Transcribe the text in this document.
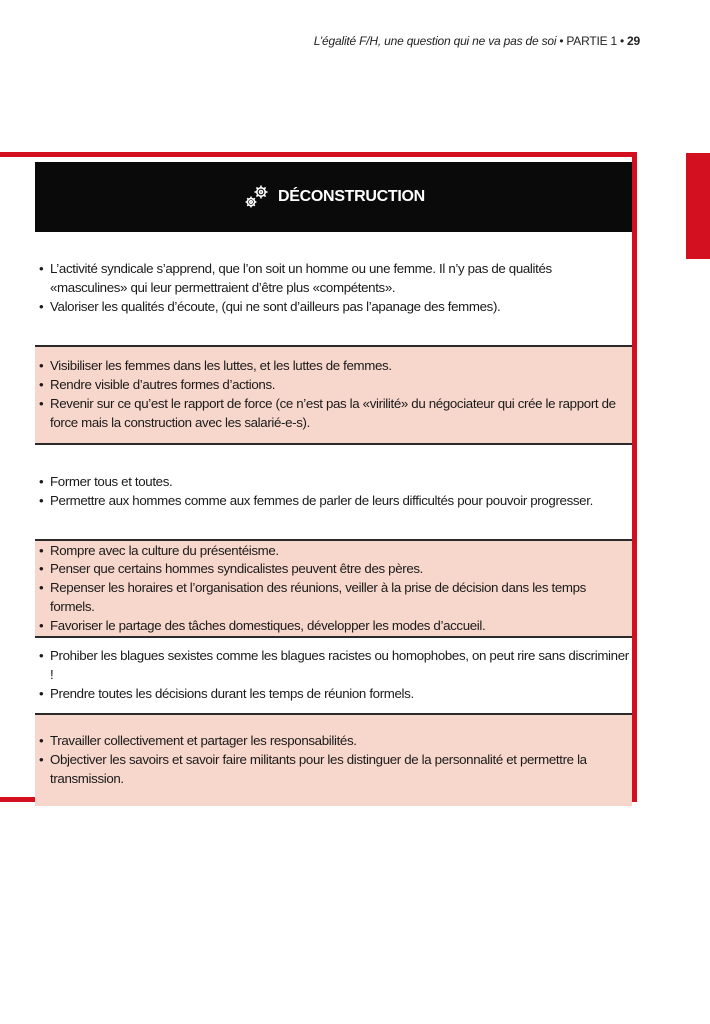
L’égalité F/H, une question qui ne va pas de soi • PARTIE 1 • 29
DÉCONSTRUCTION
• L’activité syndicale s’apprend, que l’on soit un homme ou une femme. Il n’y pas de qualités «masculines» qui leur permettraient d’être plus «compétents».
• Valoriser les qualités d’écoute, (qui ne sont d’ailleurs pas l’apanage des femmes).
• Visibiliser les femmes dans les luttes, et les luttes de femmes.
• Rendre visible d’autres formes d’actions.
• Revenir sur ce qu’est le rapport de force (ce n’est pas la «virilité» du négociateur qui crée le rapport de force mais la construction avec les salarié-e-s).
• Former tous et toutes.
• Permettre aux hommes comme aux femmes de parler de leurs difficultés pour pouvoir progresser.
• Rompre avec la culture du présentéisme.
• Penser que certains hommes syndicalistes peuvent être des pères.
• Repenser les horaires et l’organisation des réunions, veiller à la prise de décision dans les temps formels.
• Favoriser le partage des tâches domestiques, développer les modes d’accueil.
• Prohiber les blagues sexistes comme les blagues racistes ou homophobes, on peut rire sans discriminer !
• Prendre toutes les décisions durant les temps de réunion formels.
• Travailler collectivement et partager les responsabilités.
• Objectiver les savoirs et savoir faire militants pour les distinguer de la personnalité et permettre la transmission.
